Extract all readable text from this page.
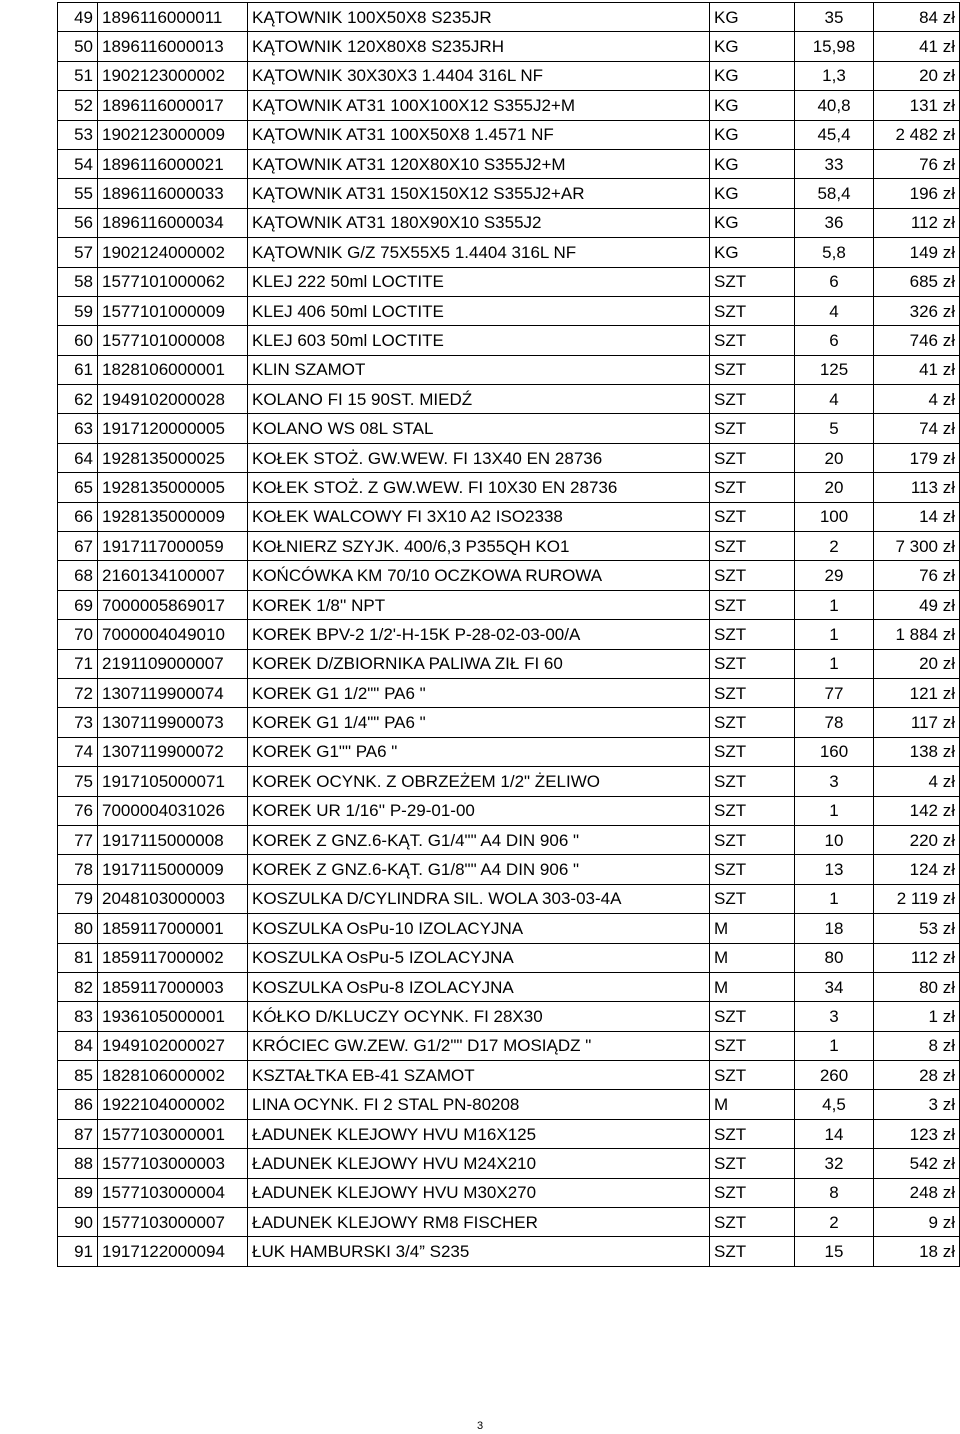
49	1896116000011	KĄTOWNIK 100X50X8 S235JR	KG	35	84 zł
50	1896116000013	KĄTOWNIK 120X80X8 S235JRH	KG	15,98	41 zł
51	1902123000002	KĄTOWNIK 30X30X3 1.4404 316L NF	KG	1,3	20 zł
52	1896116000017	KĄTOWNIK AT31 100X100X12 S355J2+M	KG	40,8	131 zł
53	1902123000009	KĄTOWNIK AT31 100X50X8 1.4571 NF	KG	45,4	2 482 zł
54	1896116000021	KĄTOWNIK AT31 120X80X10 S355J2+M	KG	33	76 zł
55	1896116000033	KĄTOWNIK AT31 150X150X12 S355J2+AR	KG	58,4	196 zł
56	1896116000034	KĄTOWNIK AT31 180X90X10 S355J2	KG	36	112 zł
57	1902124000002	KĄTOWNIK G/Z 75X55X5 1.4404 316L NF	KG	5,8	149 zł
58	1577101000062	KLEJ 222 50ml LOCTITE	SZT	6	685 zł
59	1577101000009	KLEJ 406 50ml LOCTITE	SZT	4	326 zł
60	1577101000008	KLEJ 603 50ml LOCTITE	SZT	6	746 zł
61	1828106000001	KLIN SZAMOT	SZT	125	41 zł
62	1949102000028	KOLANO FI 15 90ST. MIEDŹ	SZT	4	4 zł
63	1917120000005	KOLANO WS 08L STAL	SZT	5	74 zł
64	1928135000025	KOŁEK STOŻ. GW.WEW. FI 13X40 EN 28736	SZT	20	179 zł
65	1928135000005	KOŁEK STOŻ. Z GW.WEW. FI 10X30 EN 28736	SZT	20	113 zł
66	1928135000009	KOŁEK WALCOWY FI 3X10 A2 ISO2338	SZT	100	14 zł
67	1917117000059	KOŁNIERZ SZYJK. 400/6,3 P355QH KO1	SZT	2	7 300 zł
68	2160134100007	KOŃCÓWKA KM 70/10 OCZKOWA RUROWA	SZT	29	76 zł
69	7000005869017	KOREK 1/8'' NPT	SZT	1	49 zł
70	7000004049010	KOREK BPV-2 1/2'-H-15K P-28-02-03-00/A	SZT	1	1 884 zł
71	2191109000007	KOREK D/ZBIORNIKA PALIWA ZIŁ FI 60	SZT	1	20 zł
72	1307119900074	KOREK G1 1/2"" PA6 "	SZT	77	121 zł
73	1307119900073	KOREK G1 1/4"" PA6 "	SZT	78	117 zł
74	1307119900072	KOREK G1"" PA6 "	SZT	160	138 zł
75	1917105000071	KOREK OCYNK. Z OBRZEŻEM 1/2" ŻELIWO	SZT	3	4 zł
76	7000004031026	KOREK UR 1/16'' P-29-01-00	SZT	1	142 zł
77	1917115000008	KOREK Z GNZ.6-KĄT. G1/4"" A4 DIN 906 "	SZT	10	220 zł
78	1917115000009	KOREK Z GNZ.6-KĄT. G1/8"" A4 DIN 906 "	SZT	13	124 zł
79	2048103000003	KOSZULKA D/CYLINDRA SIL. WOLA 303-03-4A	SZT	1	2 119 zł
80	1859117000001	KOSZULKA OsPu-10 IZOLACYJNA	M	18	53 zł
81	1859117000002	KOSZULKA OsPu-5 IZOLACYJNA	M	80	112 zł
82	1859117000003	KOSZULKA OsPu-8 IZOLACYJNA	M	34	80 zł
83	1936105000001	KÓŁKO D/KLUCZY OCYNK. FI 28X30	SZT	3	1 zł
84	1949102000027	KRÓCIEC GW.ZEW. G1/2"" D17 MOSIĄDZ "	SZT	1	8 zł
85	1828106000002	KSZTAŁTKA EB-41 SZAMOT	SZT	260	28 zł
86	1922104000002	LINA OCYNK. FI 2 STAL PN-80208	M	4,5	3 zł
87	1577103000001	ŁADUNEK KLEJOWY HVU M16X125	SZT	14	123 zł
88	1577103000003	ŁADUNEK KLEJOWY HVU M24X210	SZT	32	542 zł
89	1577103000004	ŁADUNEK KLEJOWY HVU M30X270	SZT	8	248 zł
90	1577103000007	ŁADUNEK KLEJOWY RM8 FISCHER	SZT	2	9 zł
91	1917122000094	ŁUK HAMBURSKI 3/4” S235	SZT	15	18 zł
3
